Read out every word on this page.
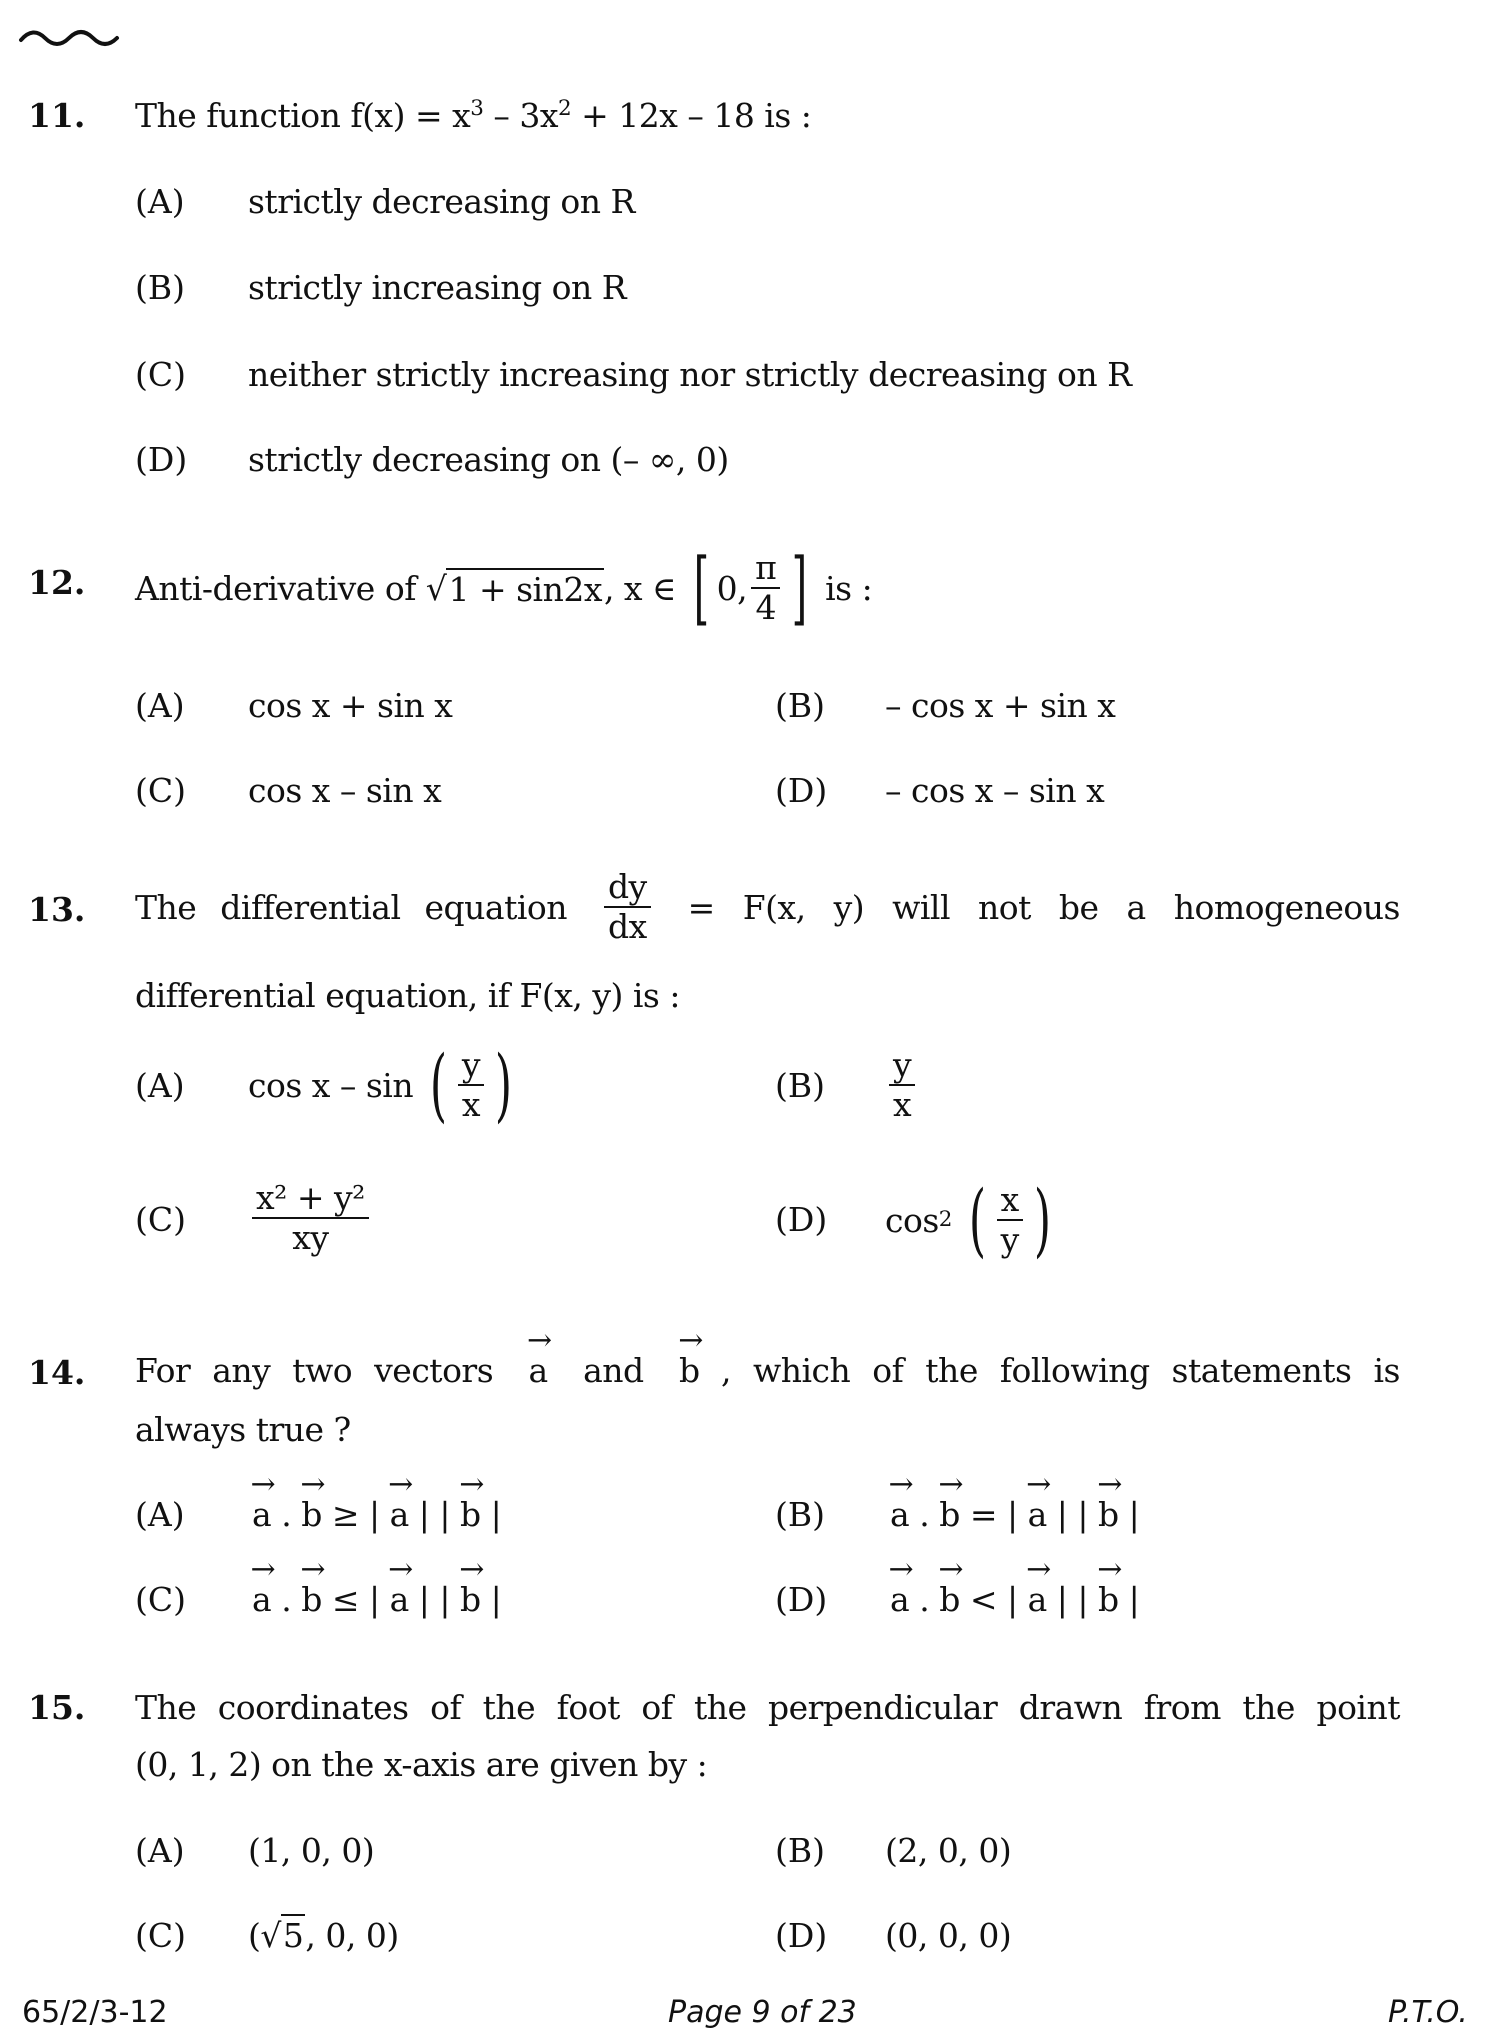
11. The function $f(x) = x^3 - 3x^2 + 12x - 18$ is :
(A) strictly decreasing on R
(B) strictly increasing on R
(C) neither strictly increasing nor strictly decreasing on R
(D) strictly decreasing on (– ∞, 0)
12. Anti-derivative of
√ 1 + sin2x , x ∈
[ 0, $\frac{\pi}{4}$ ]
is :
(A) cos x + sin x	(B) – cos x + sin x
(C) cos x – sin x	(D) – cos x – sin x
13. The differential equation $\frac{dy}{dx} = F(x$, y) will not be a homogeneous
differential equation, if F(x, y) is :
(A) cos x – sin
( $\frac{y}{x}$ )	$(B) \frac{y}{x}$
$(C) \frac{\text{x² + y²}}{xy}$	(D) cos 2
( $\frac{x}{y}$ )
14. For any two vectors → a and → b , which of the following statements is
always true ?
(A) → a . → b ≥ | → a | | → b |	(B) → a . → b = | → a | | → b |
(C) → a . → b ≤ | → a | | → b |	(D) → a . → b < | → a | | → b |
15. The coordinates of the foot of the perpendicular drawn from the point
(0, 1, 2) on the x-axis are given by :
(A) (1, 0, 0)	(B) (2, 0, 0)
(C) (√5, 0, 0)	(D) (0, 0, 0)
65/2/3-12	Page 9 of 23	P.T.O.
